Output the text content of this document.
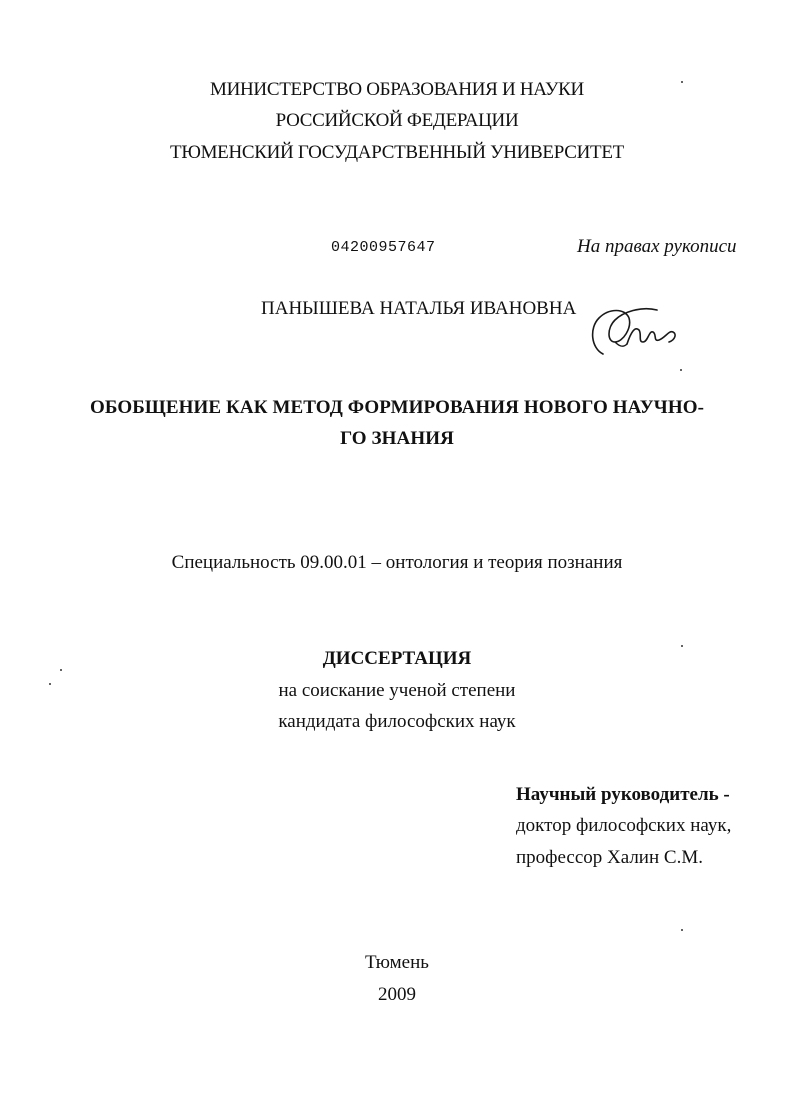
МИНИСТЕРСТВО ОБРАЗОВАНИЯ И НАУКИ
РОССИЙСКОЙ ФЕДЕРАЦИИ
ТЮМЕНСКИЙ ГОСУДАРСТВЕННЫЙ УНИВЕРСИТЕТ
04200957647	На правах рукописи
ПАНЫШЕВА НАТАЛЬЯ ИВАНОВНА
ОБОБЩЕНИЕ КАК МЕТОД ФОРМИРОВАНИЯ НОВОГО НАУЧНО-
ГО ЗНАНИЯ
Специальность 09.00.01 – онтология и теория познания
ДИССЕРТАЦИЯ
на соискание ученой степени
кандидата философских наук
Научный руководитель -
доктор философских наук,
профессор Халин С.М.
Тюмень
2009
